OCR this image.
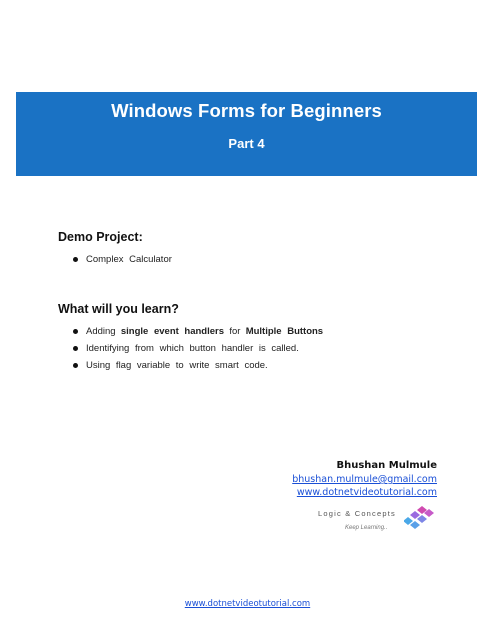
Windows Forms for Beginners
Part 4
Demo Project:
Complex Calculator
What will you learn?
Adding single event handlers for Multiple Buttons
Identifying from which button handler is called.
Using flag variable to write smart code.
Bhushan Mulmule
bhushan.mulmule@gmail.com
www.dotnetvideotutorial.com
Logic & Concepts
Keep Learning..
www.dotnetvideotutorial.com
